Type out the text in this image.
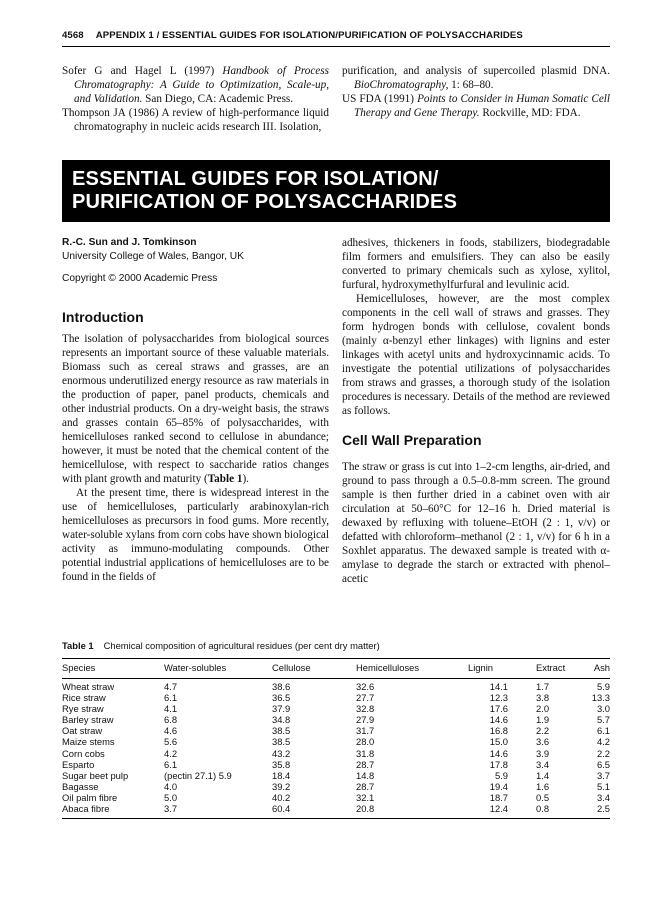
4568 APPENDIX 1 / ESSENTIAL GUIDES FOR ISOLATION/PURIFICATION OF POLYSACCHARIDES

Sofer G and Hagel L (1997) Handbook of Process Chromatography: A Guide to Optimization, Scale-up, and Validation. San Diego, CA: Academic Press.

Thompson JA (1986) A review of high-performance liquid chromatography in nucleic acids research III. Isolation,

purification, and analysis of supercoiled plasmid DNA. BioChromatography, 1: 68–80.

US FDA (1991) Points to Consider in Human Somatic Cell Therapy and Gene Therapy. Rockville, MD: FDA.

ESSENTIAL GUIDES FOR ISOLATION/
PURIFICATION OF POLYSACCHARIDES
R.-C. Sun and J. Tomkinson
University College of Wales, Bangor, UK
Copyright © 2000 Academic Press
Introduction

The isolation of polysaccharides from biological sources represents an important source of these valuable materials. Biomass such as cereal straws and grasses, are an enormous underutilized energy resource as raw materials in the production of paper, panel products, chemicals and other industrial products. On a dry-weight basis, the straws and grasses contain 65–85% of polysaccharides, with hemicelluloses ranked second to cellulose in abundance; however, it must be noted that the chemical content of the hemicellulose, with respect to saccharide ratios changes with plant growth and maturity (Table 1).

At the present time, there is widespread interest in the use of hemicelluloses, particularly arabinoxylan-rich hemicelluloses as precursors in food gums. More recently, water-soluble xylans from corn cobs have shown biological activity as immuno-modulating compounds. Other potential industrial applications of hemicelluloses are to be found in the fields of

adhesives, thickeners in foods, stabilizers, biodegradable film formers and emulsifiers. They can also be easily converted to primary chemicals such as xylose, xylitol, furfural, hydroxymethylfurfural and levulinic acid.

Hemicelluloses, however, are the most complex components in the cell wall of straws and grasses. They form hydrogen bonds with cellulose, covalent bonds (mainly α-benzyl ether linkages) with lignins and ester linkages with acetyl units and hydroxycinnamic acids. To investigate the potential utilizations of polysaccharides from straws and grasses, a thorough study of the isolation procedures is necessary. Details of the method are reviewed as follows.

Cell Wall Preparation

The straw or grass is cut into 1–2-cm lengths, air-dried, and ground to pass through a 0.5–0.8-mm screen. The ground sample is then further dried in a cabinet oven with air circulation at 50–60°C for 12–16 h. Dried material is dewaxed by refluxing with toluene–EtOH (2 : 1, v/v) or defatted with chloroform–methanol (2 : 1, v/v) for 6 h in a Soxhlet apparatus. The dewaxed sample is treated with α-amylase to degrade the starch or extracted with phenol–acetic

Table 1 Chemical composition of agricultural residues (per cent dry matter)
Species	Water-solubles	Cellulose	Hemicelluloses	Lignin	Extract	Ash

Wheat straw	4.7	38.6	32.6	14.1	1.7	5.9
Rice straw	6.1	36.5	27.7	12.3	3.8	13.3
Rye straw	4.1	37.9	32.8	17.6	2.0	3.0
Barley straw	6.8	34.8	27.9	14.6	1.9	5.7
Oat straw	4.6	38.5	31.7	16.8	2.2	6.1
Maize stems	5.6	38.5	28.0	15.0	3.6	4.2
Corn cobs	4.2	43.2	31.8	14.6	3.9	2.2
Esparto	6.1	35.8	28.7	17.8	3.4	6.5
Sugar beet pulp	(pectin 27.1) 5.9	18.4	14.8	5.9	1.4	3.7
Bagasse	4.0	39.2	28.7	19.4	1.6	5.1
Oil palm fibre	5.0	40.2	32.1	18.7	0.5	3.4
Abaca fibre	3.7	60.4	20.8	12.4	0.8	2.5
